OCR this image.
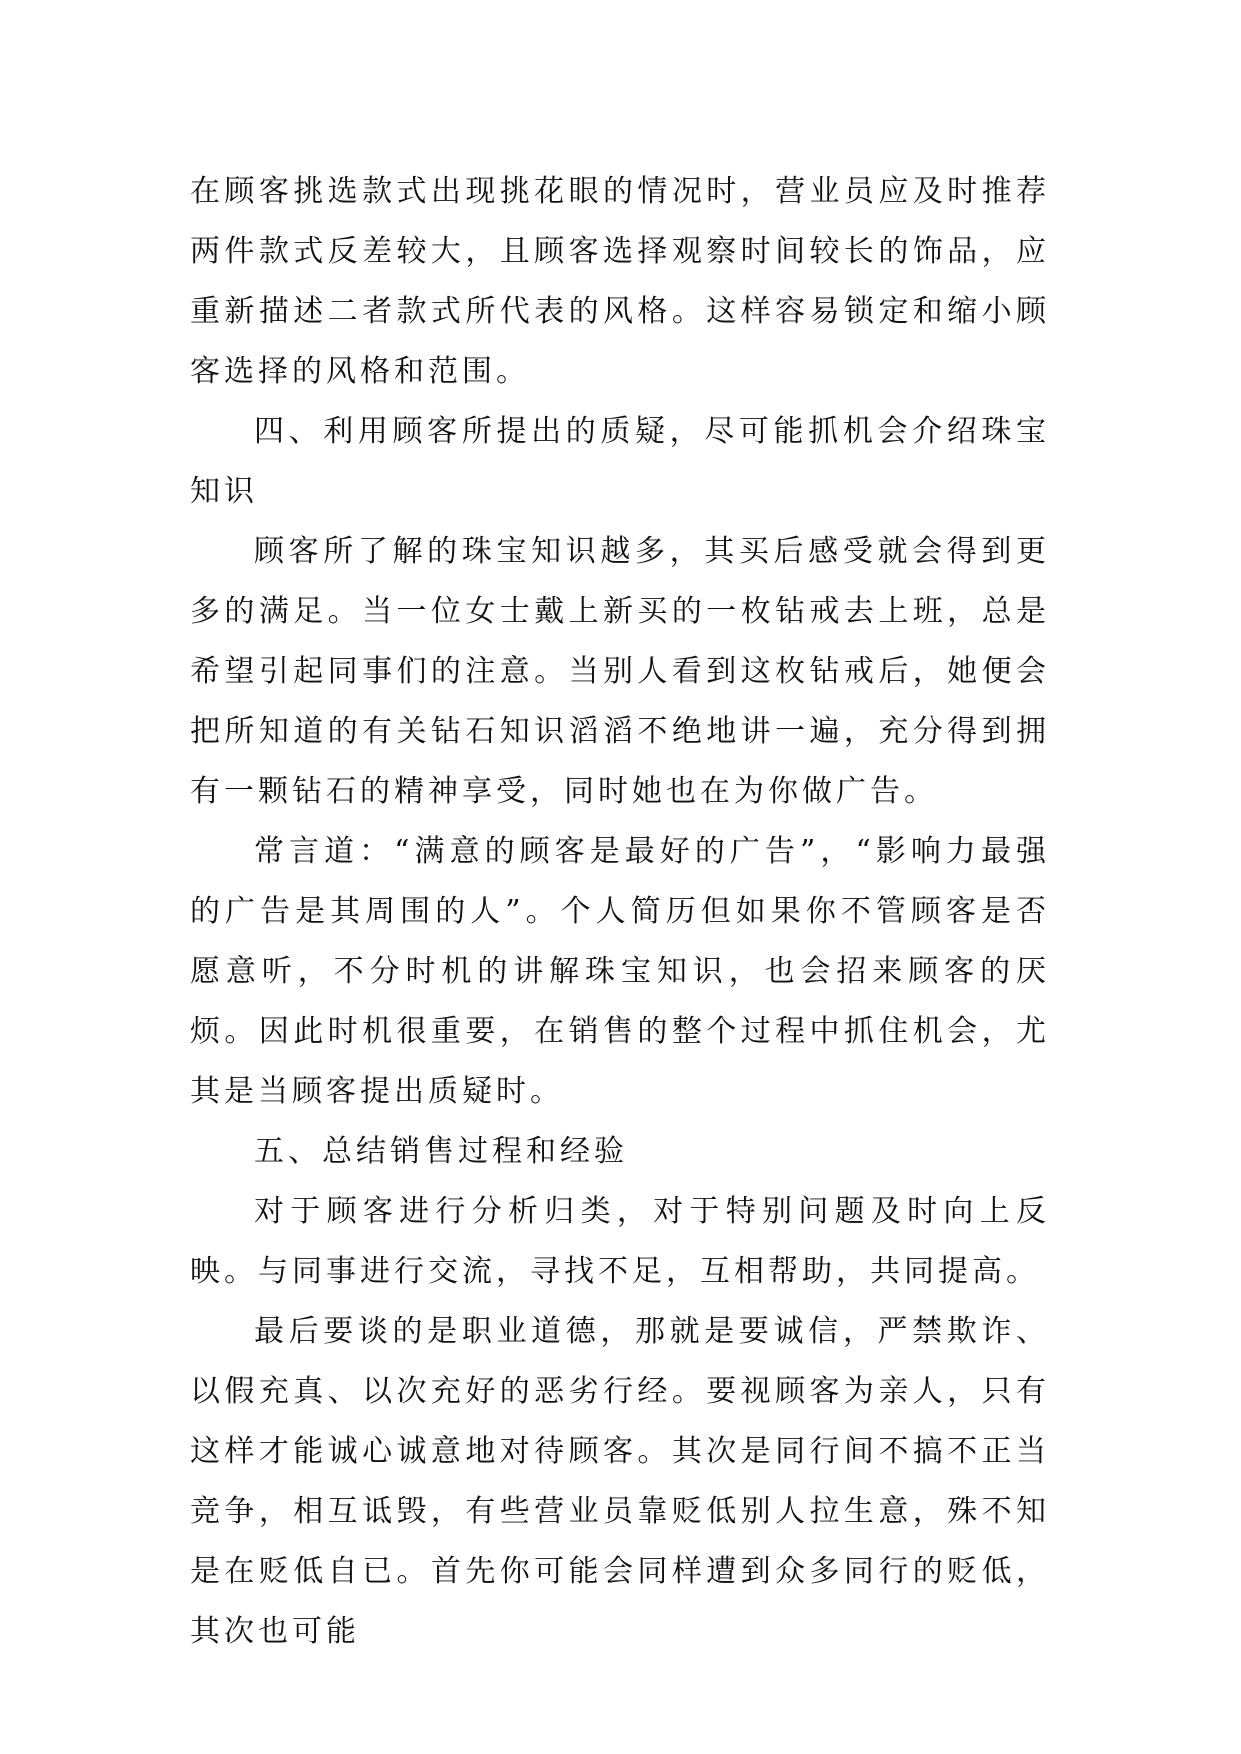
在顾客挑选款式出现挑花眼的情况时，营业员应及时推荐两件款式反差较大，且顾客选择观察时间较长的饰品，应重新描述二者款式所代表的风格。这样容易锁定和缩小顾客选择的风格和范围。

四、利用顾客所提出的质疑，尽可能抓机会介绍珠宝知识

顾客所了解的珠宝知识越多，其买后感受就会得到更多的满足。当一位女士戴上新买的一枚钻戒去上班，总是希望引起同事们的注意。当别人看到这枚钻戒后，她便会把所知道的有关钻石知识滔滔不绝地讲一遍，充分得到拥有一颗钻石的精神享受，同时她也在为你做广告。

常言道：“满意的顾客是最好的广告”，“影响力最强的广告是其周围的人”。个人简历但如果你不管顾客是否愿意听，不分时机的讲解珠宝知识，也会招来顾客的厌烦。因此时机很重要，在销售的整个过程中抓住机会，尤其是当顾客提出质疑时。

五、总结销售过程和经验

对于顾客进行分析归类，对于特别问题及时向上反映。与同事进行交流，寻找不足，互相帮助，共同提高。

最后要谈的是职业道德，那就是要诚信，严禁欺诈、以假充真、以次充好的恶劣行经。要视顾客为亲人，只有这样才能诚心诚意地对待顾客。其次是同行间不搞不正当竞争，相互诋毁，有些营业员靠贬低别人拉生意，殊不知是在贬低自已。首先你可能会同样遭到众多同行的贬低，其次也可能
